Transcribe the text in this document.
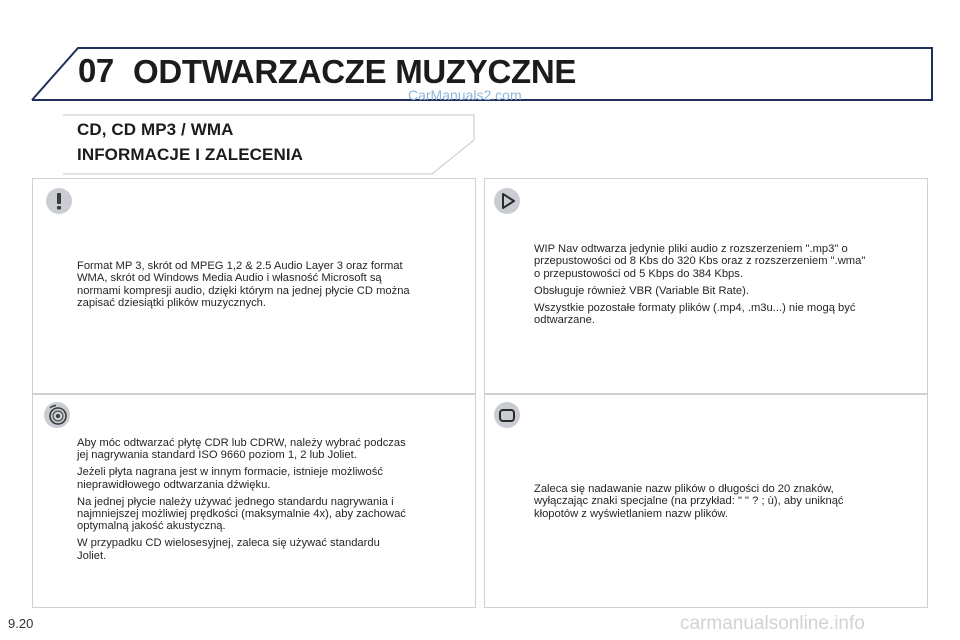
07 ODTWARZACZE MUZYCZNE
CarManuals2.com
CD, CD MP3 / WMA
INFORMACJE I ZALECENIA
Format MP 3, skrót od MPEG 1,2 & 2.5 Audio Layer 3 oraz format
WMA, skrót od Windows Media Audio i własność Microsoft są
normami kompresji audio, dzięki którym na jednej płycie CD można
zapisać dziesiątki plików muzycznych.

Aby móc odtwarzać płytę CDR lub CDRW, należy wybrać podczas
jej nagrywania standard ISO 9660 poziom 1, 2 lub Joliet.

Jeżeli płyta nagrana jest w innym formacie, istnieje możliwość
nieprawidłowego odtwarzania dźwięku.

Na jednej płycie należy używać jednego standardu nagrywania i
najmniejszej możliwiej prędkości (maksymalnie 4x), aby zachować
optymalną jakość akustyczną.

W przypadku CD wielosesyjnej, zaleca się używać standardu
Joliet.

WIP Nav odtwarza jedynie pliki audio z rozszerzeniem ".mp3" o
przepustowości od 8 Kbs do 320 Kbs oraz z rozszerzeniem ".wma"
o przepustowości od 5 Kbps do 384 Kbps.

Obsługuje również VBR (Variable Bit Rate).

Wszystkie pozostałe formaty plików (.mp4, .m3u...) nie mogą być
odtwarzane.

Zaleca się nadawanie nazw plików o długości do 20 znaków,
wyłączając znaki specjalne (na przykład: " " ? ; ù), aby uniknąć
kłopotów z wyświetlaniem nazw plików.
9.20	carmanualsonline.info
